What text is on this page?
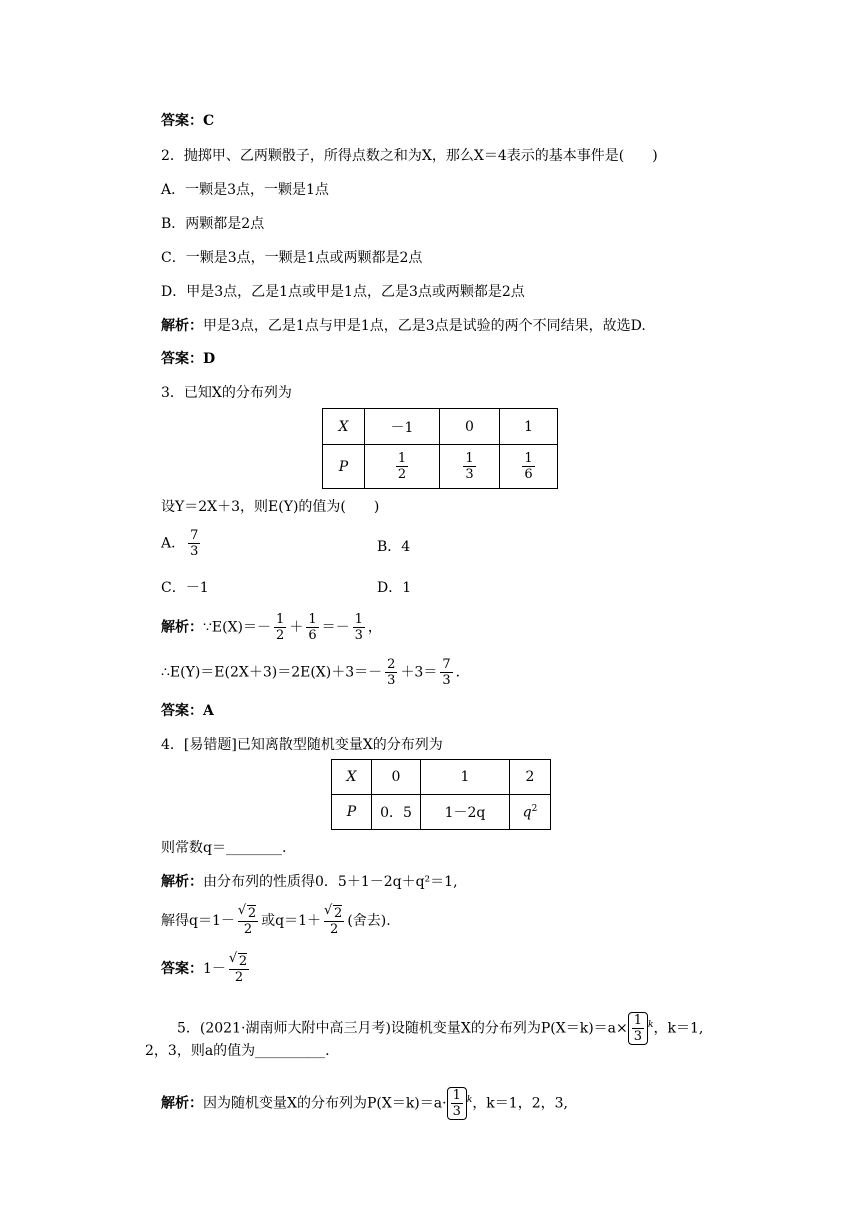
答案：C
2．抛掷甲、乙两颗骰子，所得点数之和为X，那么X＝4表示的基本事件是(　　)
A．一颗是3点，一颗是1点
B．两颗都是2点
C．一颗是3点，一颗是1点或两颗都是2点
D．甲是3点，乙是1点或甲是1点，乙是3点或两颗都是2点
解析：甲是3点，乙是1点与甲是1点，乙是3点是试验的两个不同结果，故选D.
答案：D
3．已知X的分布列为
X	－1	0	1
P	$\frac{1}{2}$	$\frac{1}{3}$	$\frac{1}{6}$
设Y＝2X＋3，则E(Y)的值为(　　)
A． $\frac{7}{3}$	B．4
C．－1	D．1
解析：∵E(X)＝－ $\frac{1}{2} + \frac{1}{6} =- \frac{1}{3}$ ，
∴E(Y)＝E(2X＋3)＝2E(X)＋3＝－ $\frac{2}{3} +3= \frac{7}{3}$ ．
答案：A
4．[易错题]已知离散型随机变量X的分布列为
X	0	1	2
P	0．5	1－2q	$q^2$
则常数q＝________.
解析：由分布列的性质得0．5＋1－2q＋q²＝1,
解得q＝1－ √ $\frac{2}{2}$ 或q＝1＋ √ $\frac{2}{2}$ (舍去).
答案：1－ √ $\frac{2}{2}$
5．(2021·湖南师大附中高三月考)设随机变量X的分布列为$P(X=k)=a\times \frac{1}{3} ^k$，k＝1,
2，3，则a的值为__________.
解析：因为随机变量X的分布列为$P(X=k)=a\cdot \frac{1}{3} ^k$，k＝1，2，3,
